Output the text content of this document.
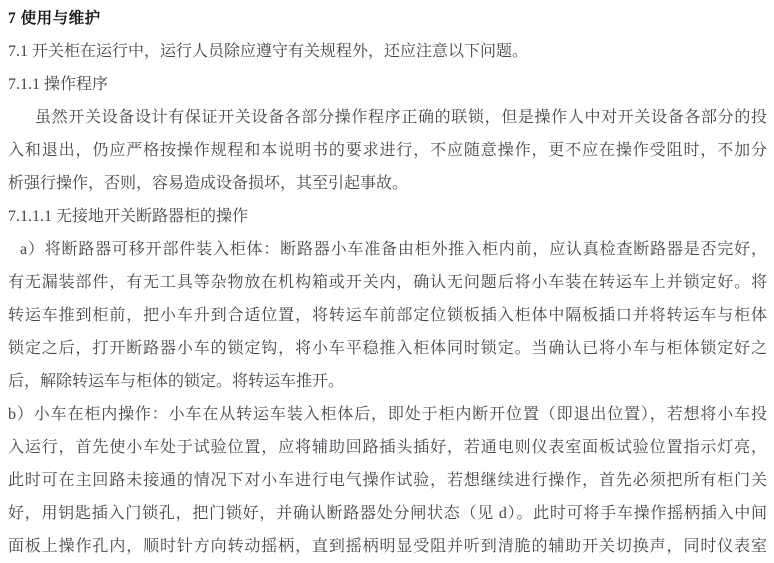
7 使用与维护
7.1 开关柜在运行中，运行人员除应遵守有关规程外，还应注意以下问题。
7.1.1 操作程序
虽然开关设备设计有保证开关设备各部分操作程序正确的联锁，但是操作人中对开关设备各部分的投
入和退出，仍应严格按操作规程和本说明书的要求进行，不应随意操作，更不应在操作受阻时，不加分
析强行操作，否则，容易造成设备损坏，其至引起事故。
7.1.1.1 无接地开关断路器柜的操作
a）将断路器可移开部件装入柜体：断路器小车准备由柜外推入柜内前，应认真检查断路器是否完好，
有无漏装部件，有无工具等杂物放在机构箱或开关内，确认无问题后将小车装在转运车上并锁定好。将
转运车推到柜前，把小车升到合适位置，将转运车前部定位锁板插入柜体中隔板插口并将转运车与柜体
锁定之后，打开断路器小车的锁定钩，将小车平稳推入柜体同时锁定。当确认已将小车与柜体锁定好之
后，解除转运车与柜体的锁定。将转运车推开。
b）小车在柜内操作：小车在从转运车装入柜体后，即处于柜内断开位置（即退出位置），若想将小车投
入运行，首先使小车处于试验位置，应将辅助回路插头插好，若通电则仪表室面板试验位置指示灯亮，
此时可在主回路未接通的情况下对小车进行电气操作试验，若想继续进行操作，首先必须把所有柜门关
好，用钥匙插入门锁孔，把门锁好，并确认断路器处分闸状态（见 d）。此时可将手车操作摇柄插入中间
面板上操作孔内，顺时针方向转动摇柄，直到摇柄明显受阻并听到清脆的辅助开关切换声，同时仪表室
